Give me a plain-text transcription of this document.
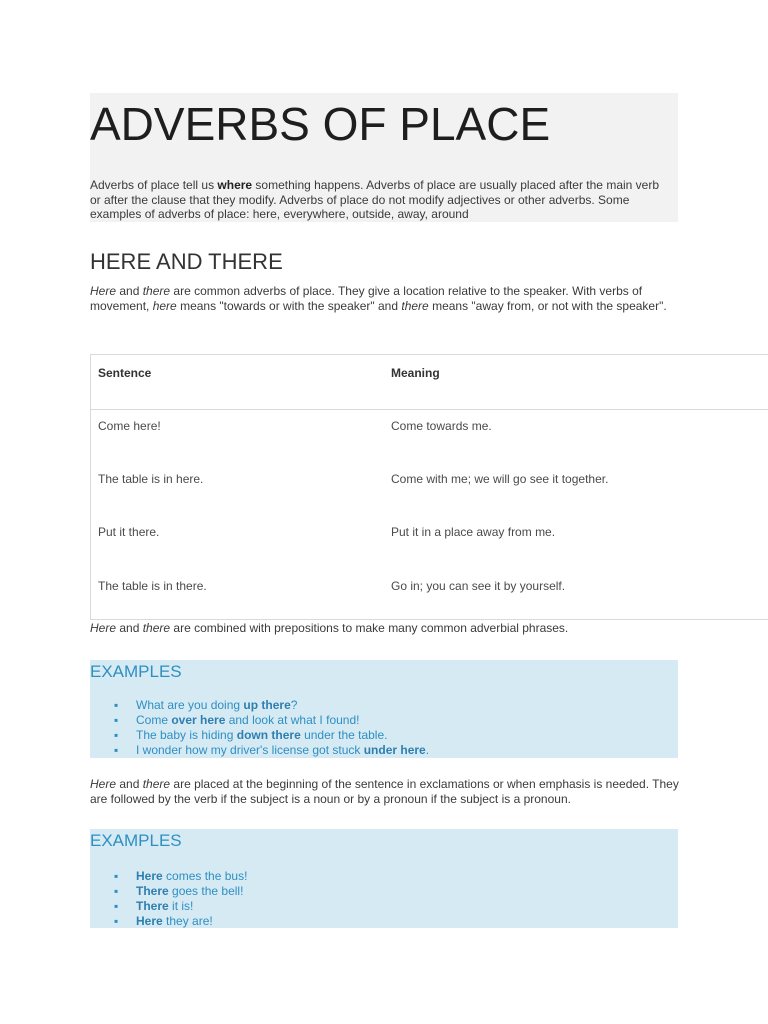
ADVERBS OF PLACE
Adverbs of place tell us where something happens. Adverbs of place are usually placed after the main verb or after the clause that they modify. Adverbs of place do not modify adjectives or other adverbs. Some examples of adverbs of place: here, everywhere, outside, away, around
HERE AND THERE
Here and there are common adverbs of place. They give a location relative to the speaker. With verbs of movement, here means "towards or with the speaker" and there means "away from, or not with the speaker".
Sentence	Meaning
Come here!	Come towards me.
The table is in here.	Come with me; we will go see it together.
Put it there.	Put it in a place away from me.
The table is in there.	Go in; you can see it by yourself.
Here and there are combined with prepositions to make many common adverbial phrases.
EXAMPLES
▪ What are you doing up there?
▪ Come over here and look at what I found!
▪ The baby is hiding down there under the table.
▪ I wonder how my driver's license got stuck under here.
Here and there are placed at the beginning of the sentence in exclamations or when emphasis is needed. They are followed by the verb if the subject is a noun or by a pronoun if the subject is a pronoun.
EXAMPLES
▪ Here comes the bus!
▪ There goes the bell!
▪ There it is!
▪ Here they are!
